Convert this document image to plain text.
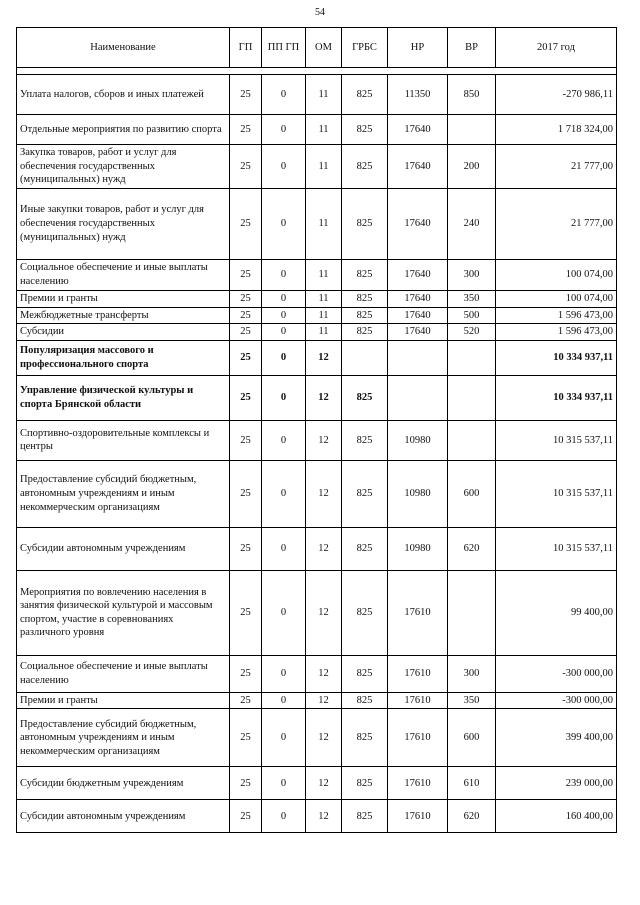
54
Наименование	ГП	ПП ГП	ОМ	ГРБС	НР	ВР	2017 год

Уплата налогов, сборов и иных платежей	25	0	11	825	11350	850	-270 986,11
Отдельные мероприятия по развитию спорта	25	0	11	825	17640		1 718 324,00
Закупка товаров, работ и услуг для обеспечения государственных (муниципальных) нужд	25	0	11	825	17640	200	21 777,00
Иные закупки товаров, работ и услуг для обеспечения государственных (муниципальных) нужд	25	0	11	825	17640	240	21 777,00
Социальное обеспечение и иные выплаты населению	25	0	11	825	17640	300	100 074,00
Премии и гранты	25	0	11	825	17640	350	100 074,00
Межбюджетные трансферты	25	0	11	825	17640	500	1 596 473,00
Субсидии	25	0	11	825	17640	520	1 596 473,00
Популяризация массового и профессионального спорта	25	0	12				10 334 937,11
Управление физической культуры и спорта Брянской области	25	0	12	825			10 334 937,11
Спортивно-оздоровительные комплексы и центры	25	0	12	825	10980		10 315 537,11
Предоставление субсидий бюджетным, автономным учреждениям и иным некоммерческим организациям	25	0	12	825	10980	600	10 315 537,11
Субсидии автономным учреждениям	25	0	12	825	10980	620	10 315 537,11
Мероприятия по вовлечению населения в занятия физической культурой и массовым спортом, участие в соревнованиях различного уровня	25	0	12	825	17610		99 400,00
Социальное обеспечение и иные выплаты населению	25	0	12	825	17610	300	-300 000,00
Премии и гранты	25	0	12	825	17610	350	-300 000,00
Предоставление субсидий бюджетным, автономным учреждениям и иным некоммерческим организациям	25	0	12	825	17610	600	399 400,00
Субсидии бюджетным учреждениям	25	0	12	825	17610	610	239 000,00
Субсидии автономным учреждениям	25	0	12	825	17610	620	160 400,00
